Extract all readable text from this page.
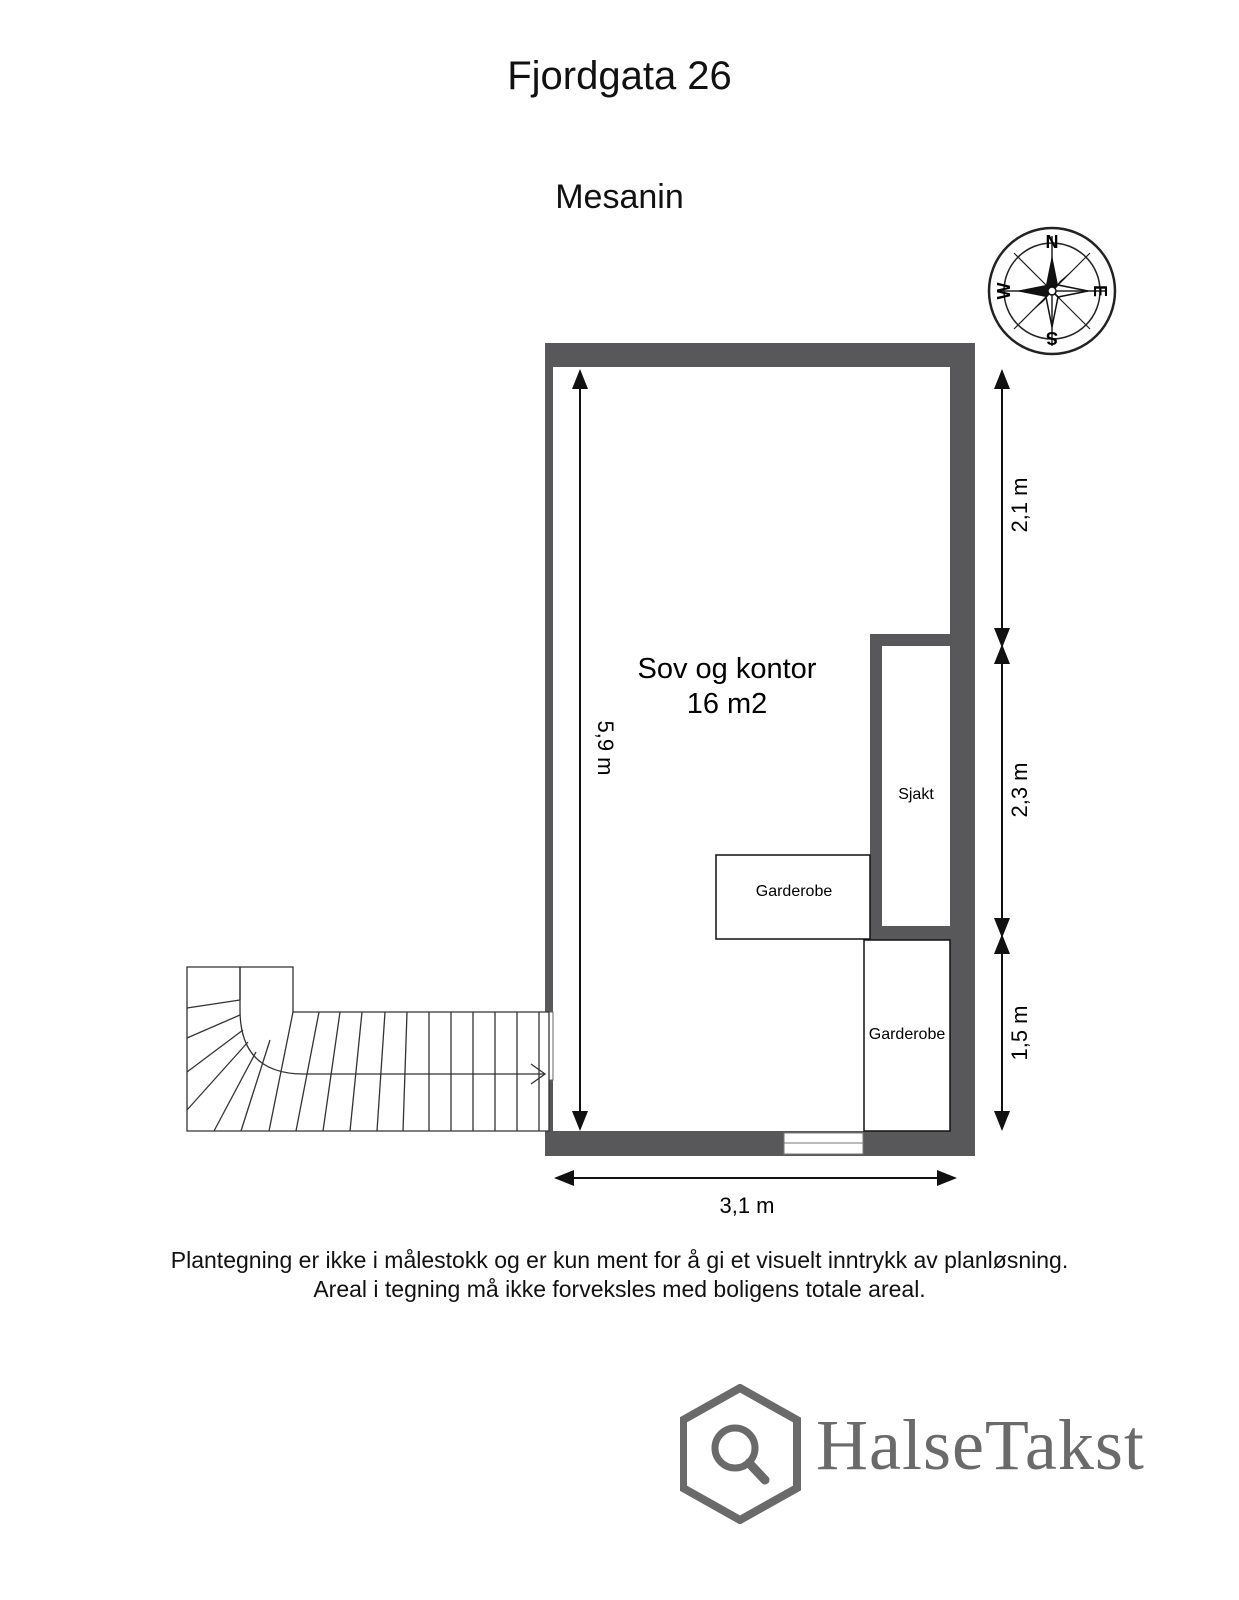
Fjordgata 26
Mesanin
N
S
E
W
5,9 m
2,1 m
2,3 m
1,5 m
3,1 m
Sov og kontor
16 m2
Sjakt
Garderobe
Garderobe
Plantegning er ikke i målestokk og er kun ment for å gi et visuelt inntrykk av planløsning.
Areal i tegning må ikke forveksles med boligens totale areal.
HalseTakst
